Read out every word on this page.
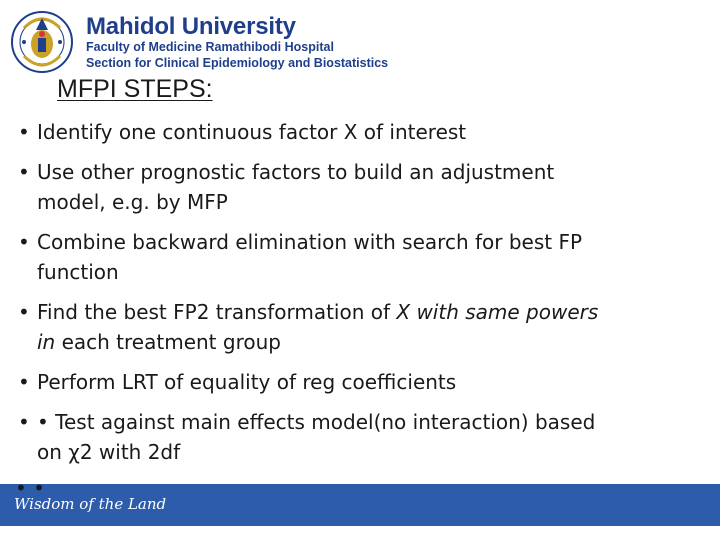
Mahidol University
Faculty of Medicine Ramathibodi Hospital
Section for Clinical Epidemiology and Biostatistics
MFPI STEPS:
• Identify one continuous factor X of interest
• Use other prognostic factors to build an adjustment
model, e.g. by MFP
• Combine backward elimination with search for best FP
function
• Find the best FP2 transformation of X with same powers
in each treatment group
• Perform LRT of equality of reg coefficients
• • Test against main effects model(no interaction) based
on χ2 with 2df
• •
Wisdom of the Land
